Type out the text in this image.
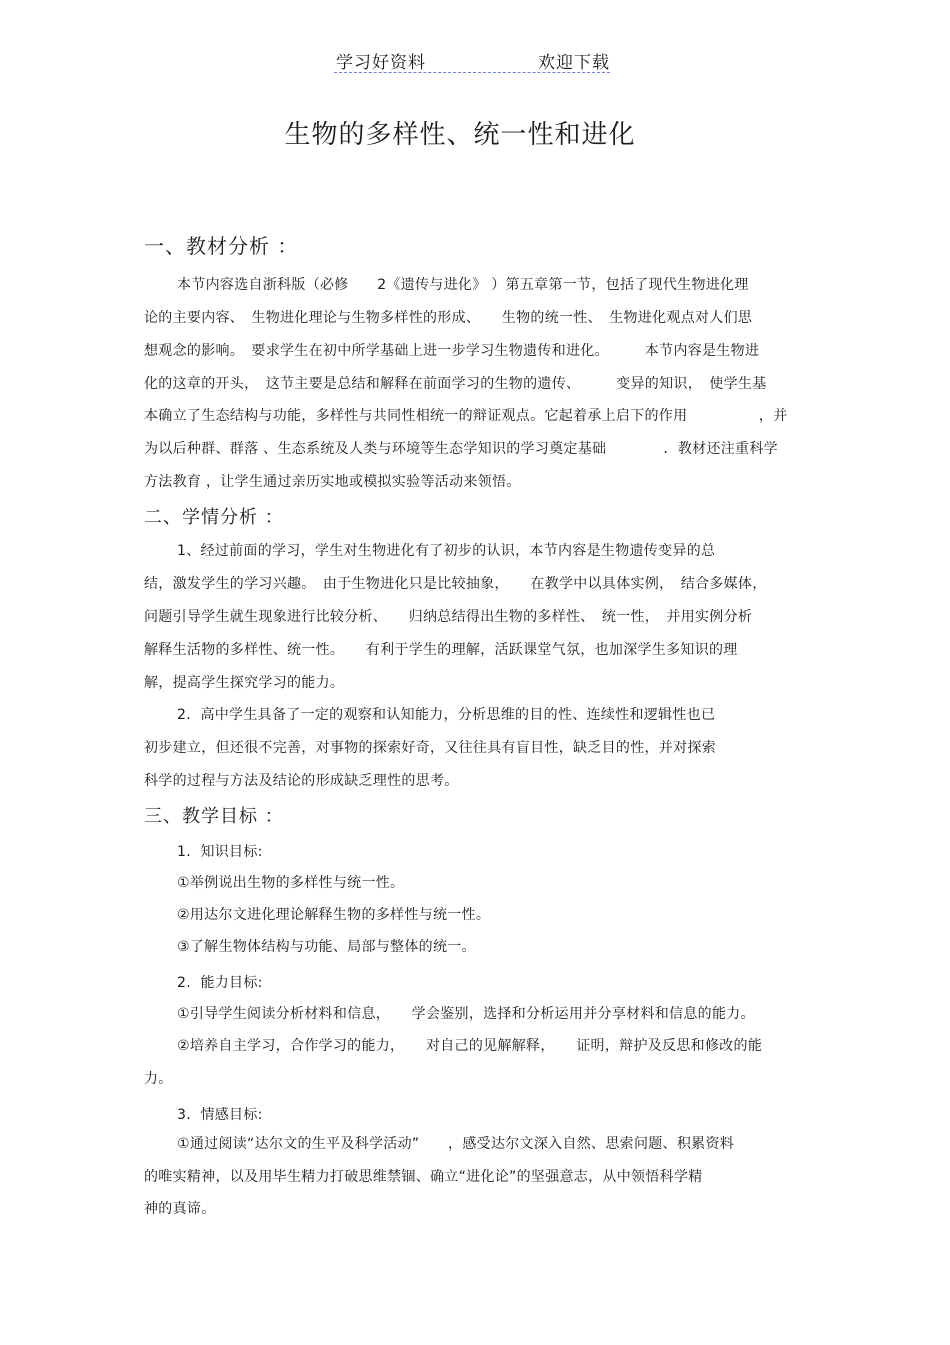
学习好资料	欢迎下载
生物的多样性、统一性和进化
一、教材分析 ：
本节内容选自浙科版（必修　　2《遗传与进化》 ）第五章第一节，包括了现代生物进化理
论的主要内容、　生物进化理论与生物多样性的形成、　　生物的统一性、　生物进化观点对人们思
想观念的影响。　要求学生在初中所学基础上进一步学习生物遗传和进化。　　　本节内容是生物进
化的这章的开头，　这节主要是总结和解释在前面学习的生物的遗传、　　　变异的知识，　使学生基
本确立了生态结构与功能，多样性与共同性相统一的辩证观点。它起着承上启下的作用　　　　　，并
为以后种群、群落 、生态系统及人类与环境等生态学知识的学习奠定基础　　　　．教材还注重科学
方法教育 ，让学生通过亲历实地或模拟实验等活动来领悟。
二、学情分析 ：
1、经过前面的学习，学生对生物进化有了初步的认识，本节内容是生物遗传变异的总
结，激发学生的学习兴趣。　由于生物进化只是比较抽象，　　在教学中以具体实例，　结合多媒体，
问题引导学生就生现象进行比较分析、　　归纳总结得出生物的多样性、　统一性，　并用实例分析
解释生活物的多样性、统一性。　　有利于学生的理解，活跃课堂气氛，也加深学生多知识的理
解，提高学生探究学习的能力。
2.  高中学生具备了一定的观察和认知能力，分析思维的目的性、连续性和逻辑性也已
初步建立，但还很不完善，对事物的探索好奇，又往往具有盲目性，缺乏目的性，并对探索
科学的过程与方法及结论的形成缺乏理性的思考。
三、教学目标 ：
1.  知识目标:
①举例说出生物的多样性与统一性。
②用达尔文进化理论解释生物的多样性与统一性。
③了解生物体结构与功能、局部与整体的统一。
2.  能力目标:
①引导学生阅读分析材料和信息，　　学会鉴别，选择和分析运用并分享材料和信息的能力。
②培养自主学习，合作学习的能力，　　对自己的见解解释，　　证明，辩护及反思和修改的能
力。
3.  情感目标:
①通过阅读“达尔文的生平及科学活动”　　，感受达尔文深入自然、思索问题、积累资料
的唯实精神，以及用毕生精力打破思维禁锢、确立“进化论”的坚强意志，从中领悟科学精
神的真谛。
